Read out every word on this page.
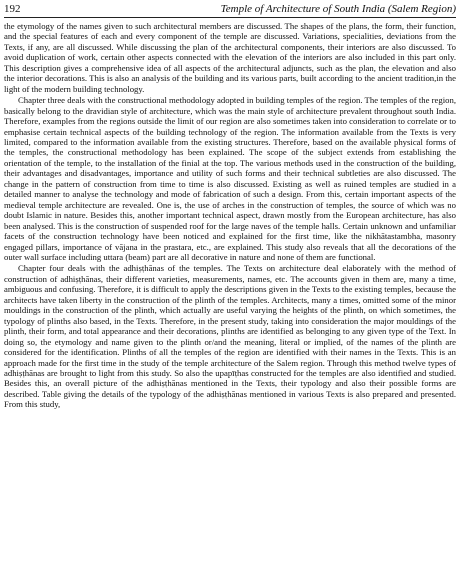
192	Temple of Architecture of South India (Salem Region)

the etymology of the names given to such architectural members are discussed. The shapes of the plans, the form, their function, and the special features of each and every component of the temple are discussed. Variations, specialities, deviations from the Texts, if any, are all discussed. While discussing the plan of the architectural components, their interiors are also discussed. To avoid duplication of work, certain other aspects connected with the elevation of the interiors are also included in this part only. This description gives a comprehensive idea of all aspects of the architectural adjuncts, such as the plan, the elevation and also the interior decorations. This is also an analysis of the building and its various parts, built according to the ancient tradition,in the light of the modern building technology.

Chapter three deals with the constructional methodology adopted in building temples of the region. The temples of the region, basically belong to the dravidian style of architecture, which was the main style of architecture prevalent throughout south India. Therefore, examples from the regions outside the limit of our region are also sometimes taken into consideration to correlate or to emphasise certain technical aspects of the building technology of the region. The information available from the Texts is very limited, compared to the information available from the existing structures. Therefore, based on the available physical forms of the temples, the constructional methodology has been explained. The scope of the subject extends from establishing the orientation of the temple, to the installation of the finial at the top. The various methods used in the construction of the building, their advantages and disadvantages, importance and utility of such forms and their technical subtleties are also discussed. The change in the pattern of construction from time to time is also discussed. Existing as well as ruined temples are studied in a detailed manner to analyse the technology and mode of fabrication of such a design. From this, certain important aspects of the medieval temple architecture are revealed. One is, the use of arches in the construction of temples, the source of which was no doubt Islamic in nature. Besides this, another important technical aspect, drawn mostly from the European architecture, has also been analysed. This is the construction of suspended roof for the large naves of the temple halls. Certain unknown and unfamiliar facets of the construction technology have been noticed and explained for the first time, like the nikhātastambha, masonry engaged pillars, importance of vājana in the prastara, etc., are explained. This study also reveals that all the decorations of the outer wall surface including uttara (beam) part are all decorative in nature and none of them are functional.

Chapter four deals with the adhiṣṭhānas of the temples. The Texts on architecture deal elaborately with the method of construction of adhiṣṭhānas, their different varieties, measurements, names, etc. The accounts given in them are, many a time, ambiguous and confusing. Therefore, it is difficult to apply the descriptions given in the Texts to the existing temples, because the architects have taken liberty in the construction of the plinth of the temples. Architects, many a times, omitted some of the minor mouldings in the construction of the plinth, which actually are useful varying the heights of the plinth, on which sometimes, the typology of plinths also based, in the Texts. Therefore, in the present study, taking into consideration the major mouldings of the plinth, their form, and total appearance and their decorations, plinths are identified as belonging to any given type of the Text. In doing so, the etymology and name given to the plinth or/and the meaning, literal or implied, of the names of the plinth are considered for the identification. Plinths of all the temples of the region are identified with their names in the Texts. This is an approach made for the first time in the study of the temple architecture of the Salem region. Through this method twelve types of adhiṣṭhānas are brought to light from this study. So also the upapīṭhas constructed for the temples are also identified and studied. Besides this, an overall picture of the adhiṣṭhānas mentioned in the Texts, their typology and also their possible forms are described. Table giving the details of the typology of the adhiṣṭhānas mentioned in various Texts is also prepared and presented. From this study,
